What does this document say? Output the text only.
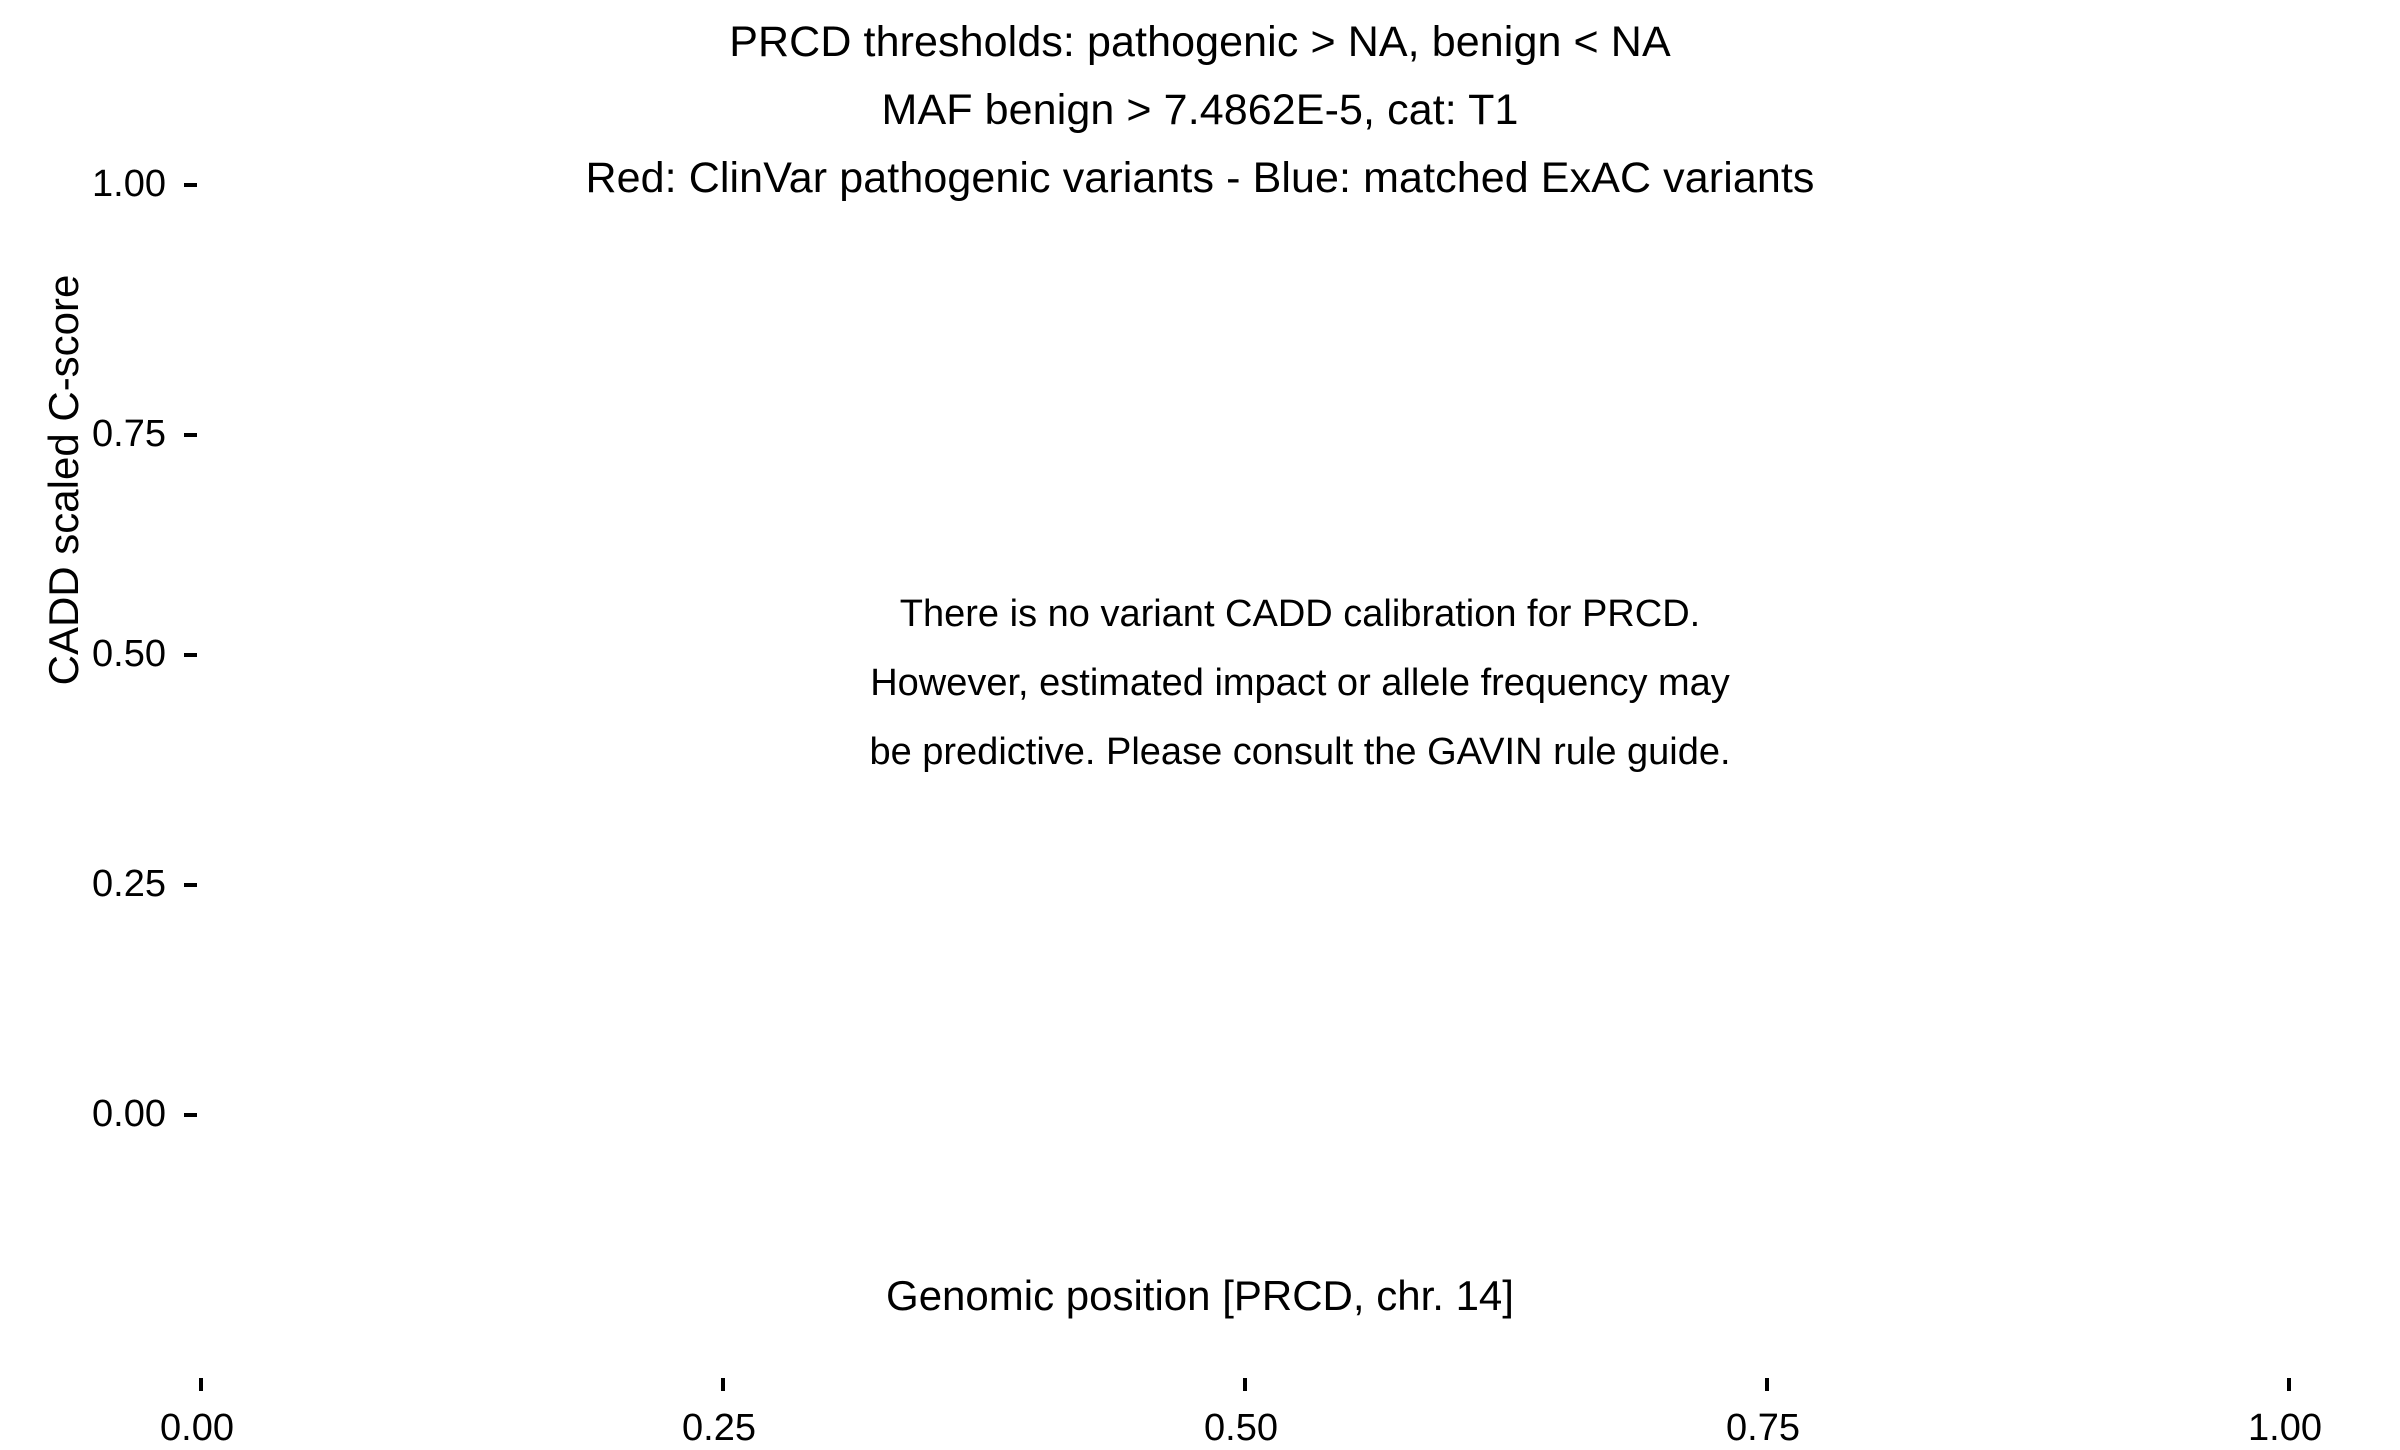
PRCD thresholds: pathogenic > NA, benign < NA
MAF benign > 7.4862E-5, cat: T1
Red: ClinVar pathogenic variants - Blue: matched ExAC variants
CADD scaled C-score
1.00
0.75
0.50
0.25
0.00
0.00	0.25	0.50	0.75	1.00
There is no variant CADD calibration for PRCD.
However, estimated impact or allele frequency may
be predictive. Please consult the GAVIN rule guide.
Genomic position [PRCD, chr. 14]
